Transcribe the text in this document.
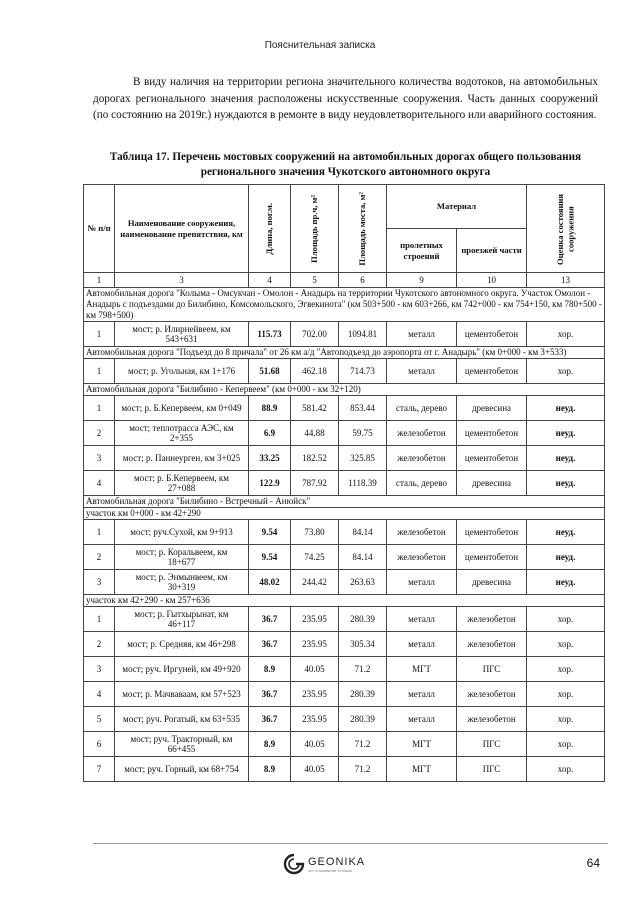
Пояснительная записка

В виду наличия на территории региона значительного количества водотоков, на автомобильных дорогах регионального значения расположены искусственные сооружения. Часть данных сооружений (по состоянию на 2019г.) нуждаются в ремонте в виду неудовлетворительного или аварийного состояния.

Таблица 17. Перечень мостовых сооружений на автомобильных дорогах общего пользования регионального значения Чукотского автономного округа
№ п/п	Наименование сооружения, наименование препятствия, км	Длина, пог.м.	Площадь пр.ч, м²	Площадь моста, м²	Материал		Оценка состояния сооружения

					пролетных строений	проезжей части	
1	3	4	5	6	9	10	13
Автомобильная дорога "Колыма - Омсукчан - Омолон - Анадырь на территории Чукотского автономного округа. Участок Омолон - Анадырь с подъездами до Билибино, Комсомольского, Эгвекинота" (км 503+500 - км 603+266, км 742+000 - км 754+150, км 780+500 - км 798+500)							
1	мост; р. Илирнейвеем, км 543+631	115.73	702.00	1094.81	металл	цементобетон	хор.
Автомобильная дорога "Подъезд до 8 причала" от 26 км а/д "Автоподъезд до аэропорта от г. Анадырь" (км 0+000 - км 3+533)							
1	мост; р. Угольная, км 1+176	51.68	462.18	714.73	металл	цементобетон	хор.
Автомобильная дорога "Билибино - Кепервеем" (км 0+000 - км 32+120)							
1	мост; р. Б.Кепервеем, км 0+049	88.9	581.42	853.44	сталь, дерево	древесина	неуд.
2	мост; теплотрасса АЭС, км 2+355	6.9	44.88	59.75	железобетон	цементобетон	неуд.
3	мост; р. Паннеурген, км 3+025	33.25	182.52	325.85	железобетон	цементобетон	неуд.
4	мост; р. Б.Кепервеем, км 27+088	122.9	787.92	1118.39	сталь, дерево	древесина	неуд.
Автомобильная дорога "Билибино - Встречный - Анюйск"							
участок км 0+000 - км 42+290							
1	мост; руч.Сухой, км 9+913	9.54	73.80	84.14	железобетон	цементобетон	неуд.
2	мост; р. Коральвеем, км 18+677	9.54	74.25	84.14	железобетон	цементобетон	неуд.
3	мост; р. Энмынвеем, км 30+319	48.02	244.42	263.63	металл	древесина	неуд.
участок км 42+290 - км 257+636							
1	мост; р. Гытхырынат, км 46+117	36.7	235.95	280.39	металл	железобетон	хор.
2	мост; р. Средняя, км 46+298	36.7	235.95	305.34	металл	железобетон	хор.
3	мост; руч. Иргуней, км 49+920	8.9	40.05	71.2	МГТ	ПГС	хор.
4	мост; р. Мачваваам, км 57+523	36.7	235.95	280.39	металл	железобетон	хор.
5	мост; руч. Рогатый, км 63+535	36.7	235.95	280.39	металл	железобетон	хор.
6	мост; руч. Тракторный, км 66+455	8.9	40.05	71.2	МГТ	ПГС	хор.
7	мост; руч. Горный, км 68+754	8.9	40.05	71.2	МГТ	ПГС	хор.
GEONIKA
CITY & TRANSPORT SYSTEMS
64
